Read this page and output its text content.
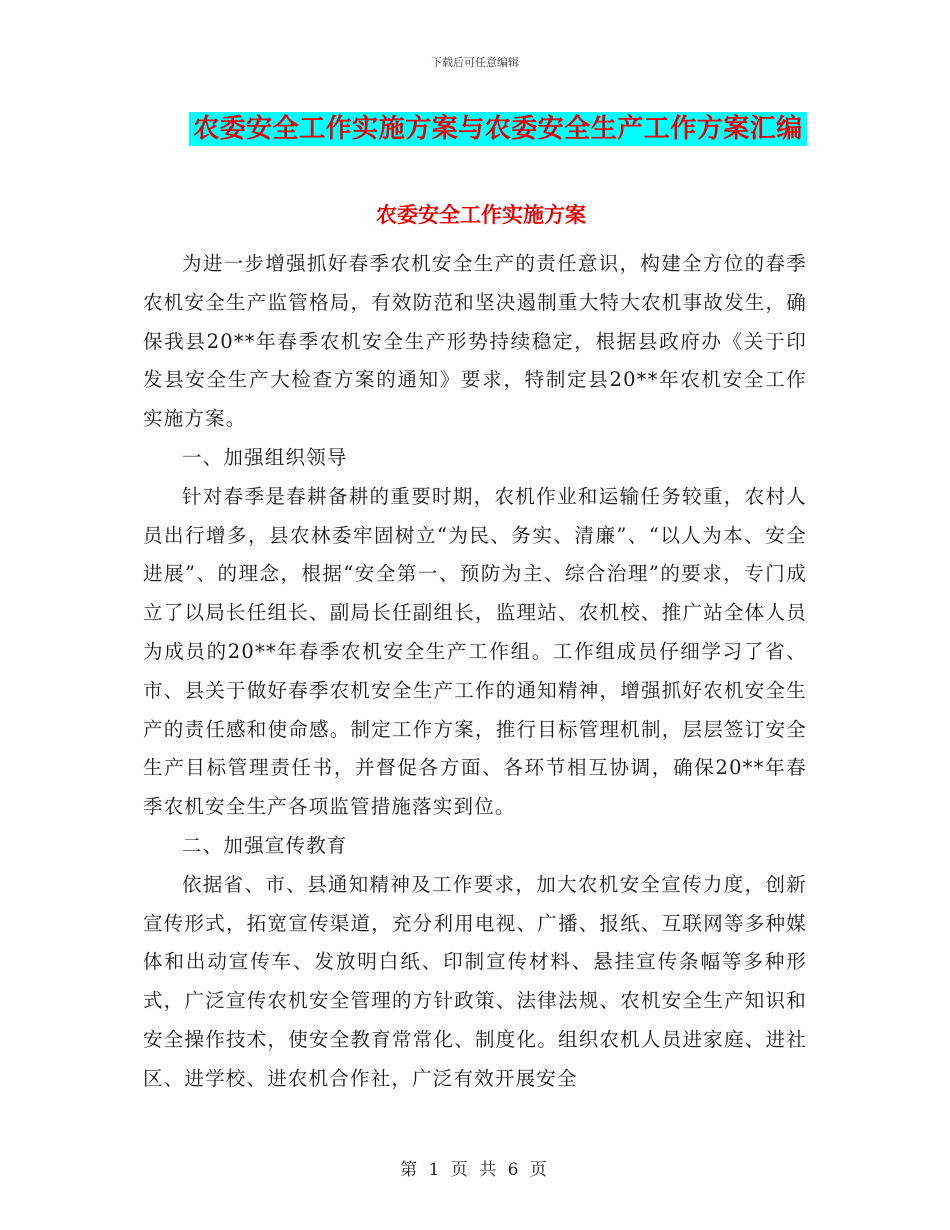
下载后可任意编辑
农委安全工作实施方案与农委安全生产工作方案汇编
农委安全工作实施方案

为进一步增强抓好春季农机安全生产的责任意识，构建全方位的春季农机安全生产监管格局，有效防范和坚决遏制重大特大农机事故发生，确保我县20**年春季农机安全生产形势持续稳定，根据县政府办《关于印发县安全生产大检查方案的通知》要求，特制定县20**年农机安全工作实施方案。

一、加强组织领导

针对春季是春耕备耕的重要时期，农机作业和运输任务较重，农村人员出行增多，县农林委牢固树立“为民、务实、清廉”、“以人为本、安全进展”、的理念，根据“安全第一、预防为主、综合治理”的要求，专门成立了以局长任组长、副局长任副组长，监理站、农机校、推广站全体人员为成员的20**年春季农机安全生产工作组。工作组成员仔细学习了省、市、县关于做好春季农机安全生产工作的通知精神，增强抓好农机安全生产的责任感和使命感。制定工作方案，推行目标管理机制，层层签订安全生产目标管理责任书，并督促各方面、各环节相互协调，确保20**年春季农机安全生产各项监管措施落实到位。

二、加强宣传教育

依据省、市、县通知精神及工作要求，加大农机安全宣传力度，创新宣传形式，拓宽宣传渠道，充分利用电视、广播、报纸、互联网等多种媒体和出动宣传车、发放明白纸、印制宣传材料、悬挂宣传条幅等多种形式，广泛宣传农机安全管理的方针政策、法律法规、农机安全生产知识和安全操作技术，使安全教育常常化、制度化。组织农机人员进家庭、进社区、进学校、进农机合作社，广泛有效开展安全

第 1 页 共 6 页
